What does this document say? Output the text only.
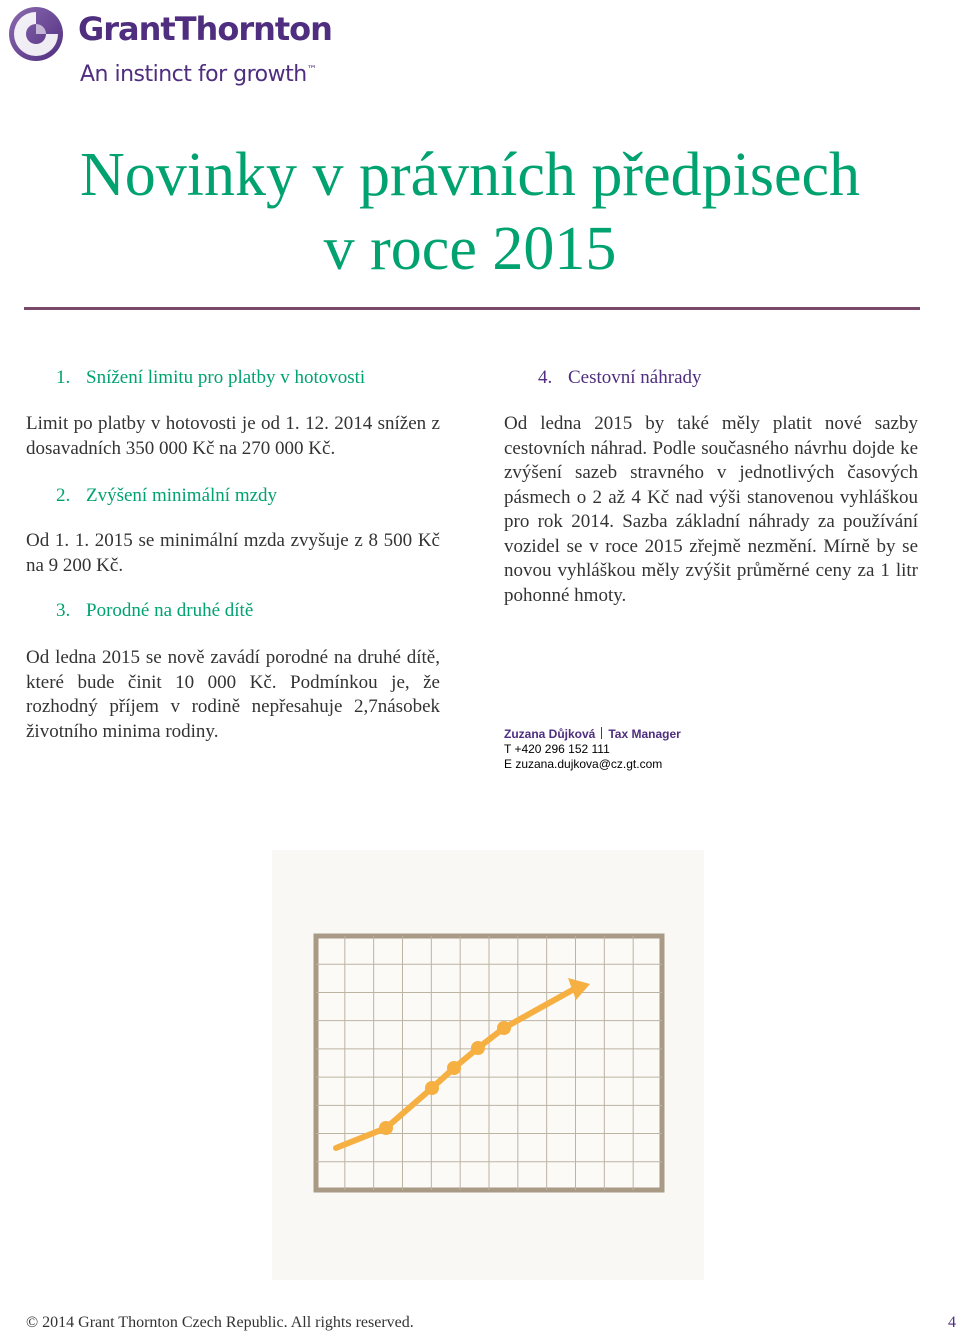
GrantThornton
An instinct for growth™
Novinky v právních předpisech
v roce 2015
1. Snížení limitu pro platby v hotovosti

Limit po platby v hotovosti je od 1. 12. 2014 snížen z dosavadních 350 000 Kč na 270 000 Kč.

2. Zvýšení minimální mzdy

Od 1. 1. 2015 se minimální mzda zvyšuje z 8 500 Kč na 9 200 Kč.

3. Porodné na druhé dítě

Od ledna 2015 se nově zavádí porodné na druhé dítě, které bude činit 10 000 Kč. Podmínkou je, že rozhodný příjem v rodině nepřesahuje 2,7násobek životního minima rodiny.

4. Cestovní náhrady

Od ledna 2015 by také měly platit nové sazby cestovních náhrad. Podle současného návrhu dojde ke zvýšení sazeb stravného v jednotlivých časových pásmech o 2 až 4 Kč nad výši stanovenou vyhláškou pro rok 2014. Sazba základní náhrady za používání vozidel se v roce 2015 zřejmě nezmění. Mírně by se novou vyhláškou měly zvýšit průměrné ceny za 1 litr pohonné hmoty.

Zuzana Důjková Tax Manager
T +420 296 152 111
E zuzana.dujkova@cz.gt.com
© 2014 Grant Thornton Czech Republic. All rights reserved.	4
